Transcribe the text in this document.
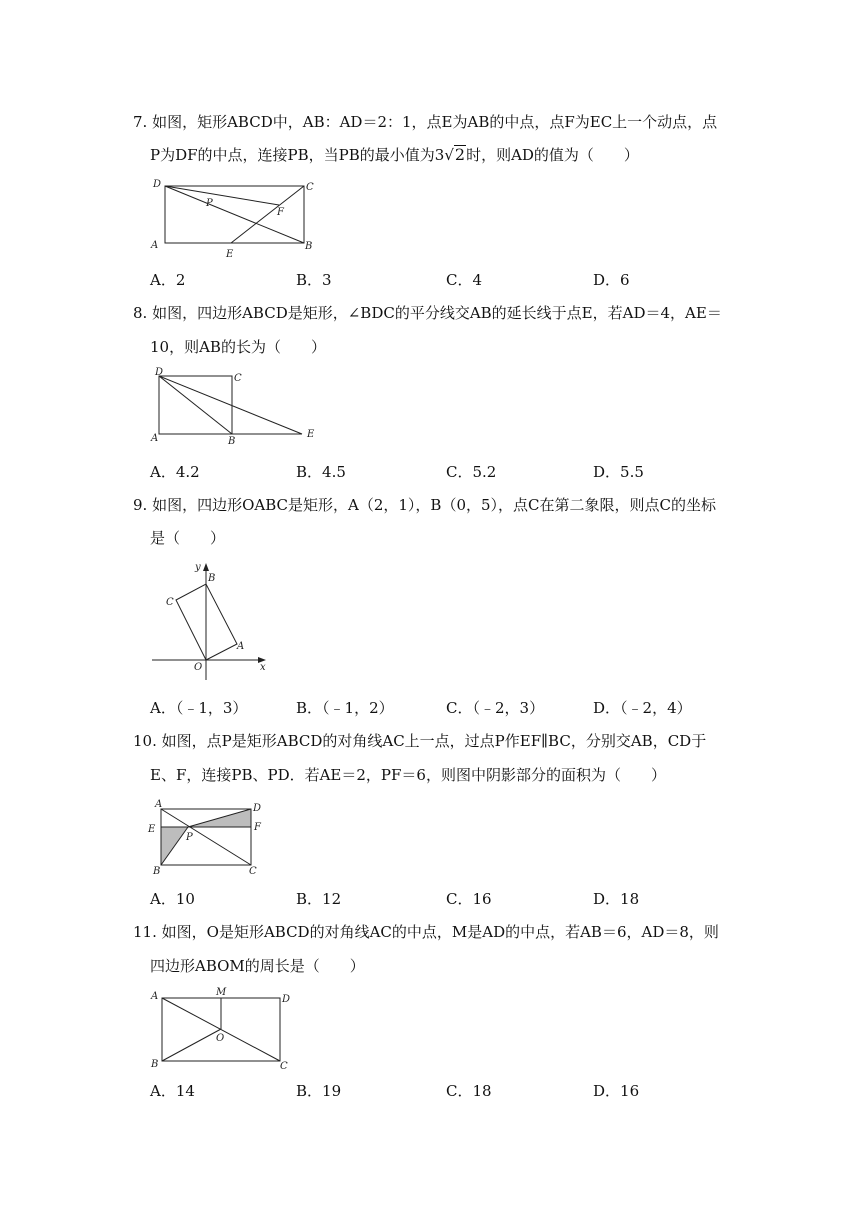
7. 如图，矩形ABCD中，AB：AD＝2：1，点E为AB的中点，点F为EC上一个动点，点
P为DF的中点，连接PB，当PB的最小值为3√2时，则AD的值为（　　）
D	C
P
F
A
E
B
A．2	B．3	C．4	D．6
8. 如图，四边形ABCD是矩形，∠BDC的平分线交AB的延长线于点E，若AD＝4，AE＝
10，则AB的长为（　　）
D
C
A	B
E
A．4.2	B．4.5	C．5.2	D．5.5
9. 如图，四边形OABC是矩形，A（2，1），B（0，5），点C在第二象限，则点C的坐标
是（　　）
y
x
B
C
A
O
A．（﹣1，3）	B．（﹣1，2）	C．（﹣2，3）	D．（﹣2，4）
10. 如图，点P是矩形ABCD的对角线AC上一点，过点P作EF∥BC，分别交AB，CD于
E、F，连接PB、PD．若AE＝2，PF＝6，则图中阴影部分的面积为（　　）
A	D
E	F
P
B	C
A．10	B．12	C．16	D．18
11. 如图，O是矩形ABCD的对角线AC的中点，M是AD的中点，若AB＝6，AD＝8，则
四边形ABOM的周长是（　　）
A	M
D
O
B	C
A．14	B．19	C．18	D．16
